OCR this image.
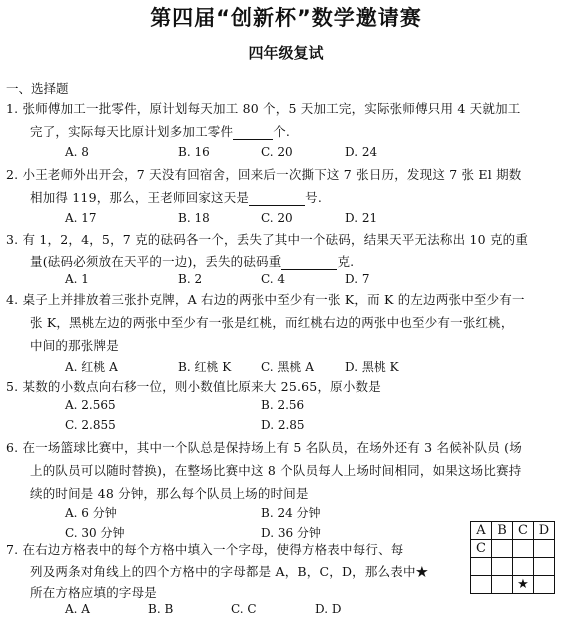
第四届“创新杯”数学邀请赛
四年级复试
一、选择题
1. 张师傅加工一批零件，原计划每天加工 80 个，5 天加工完，实际张师傅只用 4 天就加工
完了，实际每天比原计划多加工零件	个.
A. 8	B. 16	C. 20	D. 24
2. 小王老师外出开会，7 天没有回宿舍，回来后一次撕下这 7 张日历，发现这 7 张 El 期数
相加得 119，那么，王老师回家这天是	号.
A. 17	B. 18	C. 20	D. 21
3. 有 1，2，4，5，7 克的砝码各一个，丢失了其中一个砝码，结果天平无法称出 10 克的重
量(砝码必须放在天平的一边)，丢失的砝码重	克.
A. 1	B. 2	C. 4	D. 7
4. 桌子上并排放着三张扑克牌，A 右边的两张中至少有一张 K，而 K 的左边两张中至少有一
张 K，黑桃左边的两张中至少有一张是红桃，而红桃右边的两张中也至少有一张红桃，
中间的那张牌是
A. 红桃 A	B. 红桃 K C. 黑桃 A	D. 黑桃 K
5. 某数的小数点向右移一位，则小数值比原来大 25.65，原小数是
A. 2.565	B. 2.56
C. 2.855	D. 2.85
6. 在一场篮球比赛中，其中一个队总是保持场上有 5 名队员，在场外还有 3 名候补队员 (场
上的队员可以随时替换)，在整场比赛中这 8 个队员每人上场时间相同，如果这场比赛持
续的时间是 48 分钟，那么每个队员上场的时间是
A. 6 分钟	B. 24 分钟
C. 30 分钟	D. 36 分钟
7. 在右边方格表中的每个方格中填入一个字母，使得方格表中每行、每
列及两条对角线上的四个方格中的字母都是 A，B，C，D，那么表中★
所在方格应填的字母是
A. A	B. B	C. C	D. D
A	B	C	D
C			

		★	
